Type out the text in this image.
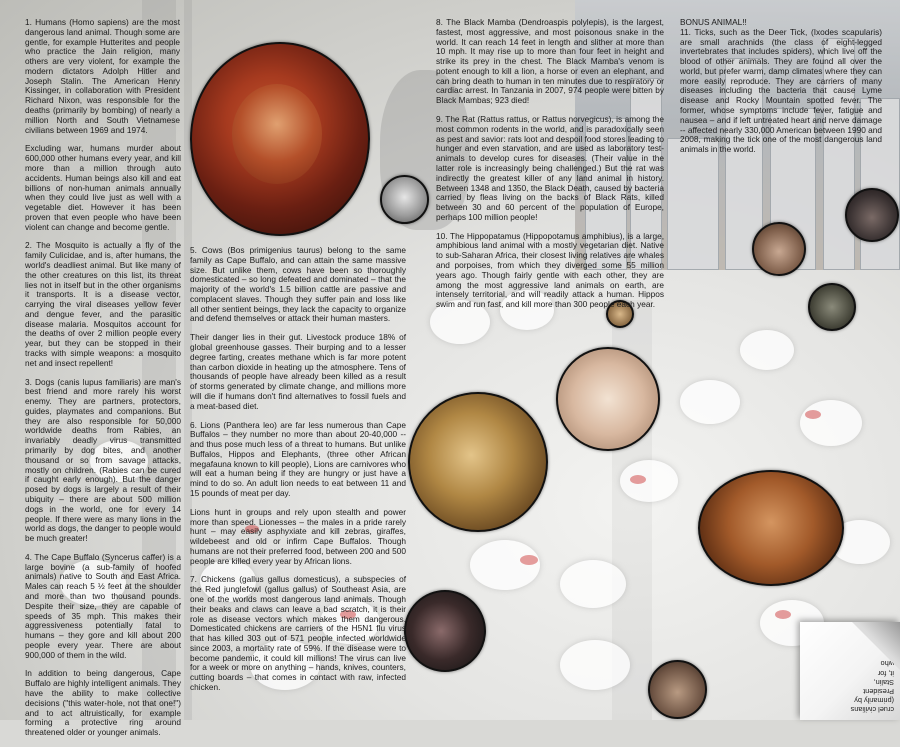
1. Humans (Homo sapiens) are the most dangerous land animal. Though some are gentle, for example Hutterites and people who practice the Jain religion, many others are very violent, for example the modern dictators Adolph Hitler and Joseph Stalin. The American Henry Kissinger, in collaboration with President Richard Nixon, was responsible for the deaths (primarily by bombing) of nearly a million North and South Vietnamese civilians between 1969 and 1974.

Excluding war, humans murder about 600,000 other humans every year, and kill more than a million through auto accidents. Human beings also kill and eat billions of non-human animals annually when they could live just as well with a vegetable diet. However it has been proven that even people who have been violent can change and become gentle.

2. The Mosquito is actually a fly of the family Culicidae, and is, after humans, the world's deadliest animal. But like many of the other creatures on this list, its threat lies not in itself but in the other organisms it transports. It is a disease vector, carrying the viral diseases yellow fever and dengue fever, and the parasitic disease malaria. Mosquitos account for the deaths of over 2 million people every year, but they can be stopped in their tracks with simple weapons: a mosquito net and insect repellent!

3. Dogs (canis lupus familiaris) are man's best friend and more rarely his worst enemy. They are partners, protectors, guides, playmates and companions. But they are also responsible for 50,000 worldwide deaths from Rabies, an invariably deadly virus transmitted primarily by dog bites, and another thousand or so from savage attacks, mostly on children. (Rabies can be cured if caught early enough). But the danger posed by dogs is largely a result of their ubiquity – there are about 500 million dogs in the world, one for every 14 people. If there were as many lions in the world as dogs, the danger to people would be much greater!

4. The Cape Buffalo (Syncerus caffer) is a large bovine (a sub-family of hoofed animals) native to South and East Africa. Males can reach 5 ½ feet at the shoulder and more than two thousand pounds. Despite their size, they are capable of speeds of 35 mph. This makes their aggressiveness potentially fatal to humans – they gore and kill about 200 people every year. There are about 900,000 of them in the wild.

In addition to being dangerous, Cape Buffalo are highly intelligent animals. They have the ability to make collective decisions ("this water-hole, not that one!") and to act altruistically, for example forming a protective ring around threatened older or younger animals.

5. Cows (Bos primigenius taurus) belong to the same family as Cape Buffalo, and can attain the same massive size. But unlike them, cows have been so thoroughly domesticated – so long defeated and dominated – that the majority of the world's 1.5 billion cattle are passive and complacent slaves. Though they suffer pain and loss like all other sentient beings, they lack the capacity to organize and defend themselves or attack their human masters.

Their danger lies in their gut. Livestock produce 18% of global greenhouse gasses. Their burping and to a lesser degree farting, creates methane which is far more potent than carbon dioxide in heating up the atmosphere. Tens of thousands of people have already been killed as a result of storms generated by climate change, and millions more will die if humans don't find alternatives to fossil fuels and a meat-based diet.

6. Lions (Panthera leo) are far less numerous than Cape Buffalos – they number no more than about 20-40,000 -- and thus pose much less of a threat to humans. But unlike Buffalos, Hippos and Elephants, (three other African megafauna known to kill people), Lions are carnivores who will eat a human being if they are hungry or just have a mind to do so. An adult lion needs to eat between 11 and 15 pounds of meat per day.

Lions hunt in groups and rely upon stealth and power more than speed. Lionesses – the males in a pride rarely hunt – may easily asphyxiate and kill zebras, giraffes, wildebeest and old or infirm Cape Buffalos. Though humans are not their preferred food, between 200 and 500 people are killed every year by African lions.

7. Chickens (gallus gallus domesticus), a subspecies of the Red junglefowl (gallus gallus) of Southeast Asia, are one of the worlds most dangerous land animals. Though their beaks and claws can leave a bad scratch, it is their role as disease vectors which makes them dangerous. Domesticated chickens are carriers of the H5N1 flu virus that has killed 303 out of 571 people infected worldwide since 2003, a mortality rate of 59%. If the disease were to become pandemic, it could kill millions! The virus can live for a week or more on anything – hands, knives, counters, cutting boards – that comes in contact with raw, infected chicken.

8. The Black Mamba (Dendroaspis polylepis), is the largest, fastest, most aggressive, and most poisonous snake in the world. It can reach 14 feet in length and slither at more than 10 mph. It may rise up to more than four feet in height and strike its prey in the chest. The Black Mamba's venom is potent enough to kill a lion, a horse or even an elephant, and can bring death to human in ten minutes due to respiratory or cardiac arrest. In Tanzania in 2007, 974 people were bitten by Black Mambas; 923 died!

9. The Rat (Rattus rattus, or Rattus norvegicus), is among the most common rodents in the world, and is paradoxically seen as pest and savior: rats loot and despoil food stores leading to hunger and even starvation, and are used as laboratory test-animals to develop cures for diseases. (Their value in the latter role is increasingly being challenged.) But the rat was indirectly the greatest killer of any land animal in history. Between 1348 and 1350, the Black Death, caused by bacteria carried by fleas living on the backs of Black Rats, killed between 30 and 60 percent of the population of Europe, perhaps 100 million people!

10. The Hippopatamus (Hippopotamus amphibius), is a large, amphibious land animal with a mostly vegetarian diet. Native to sub-Saharan Africa, their closest living relatives are whales and porpoises, from which they diverged some 55 million years ago. Though fairly gentle with each other, they are among the most aggressive land animals on earth, are intensely territorial, and will readily attack a human. Hippos swim and run fast, and kill more than 300 people each year.

BONUS ANIMAL!!

11. Ticks, such as the Deer Tick, (Ixodes scapularis) are small arachnids (the class of eight-legged invertebrates that includes spiders), which live off the blood of other animals. They are found all over the world, but prefer warm, damp climates where they can more easily reproduce. They are carriers of many diseases including the bacteria that cause Lyme disease and Rocky Mountain spotted fever. The former, whose symptoms include fever, fatigue and nausea – and if left untreated heart and nerve damage -- affected nearly 330,000 American between 1990 and 2008, making the tick one of the most dangerous land animals in the world.

cruel civilians
(primarily by
President
Stalin,
it, for
who
